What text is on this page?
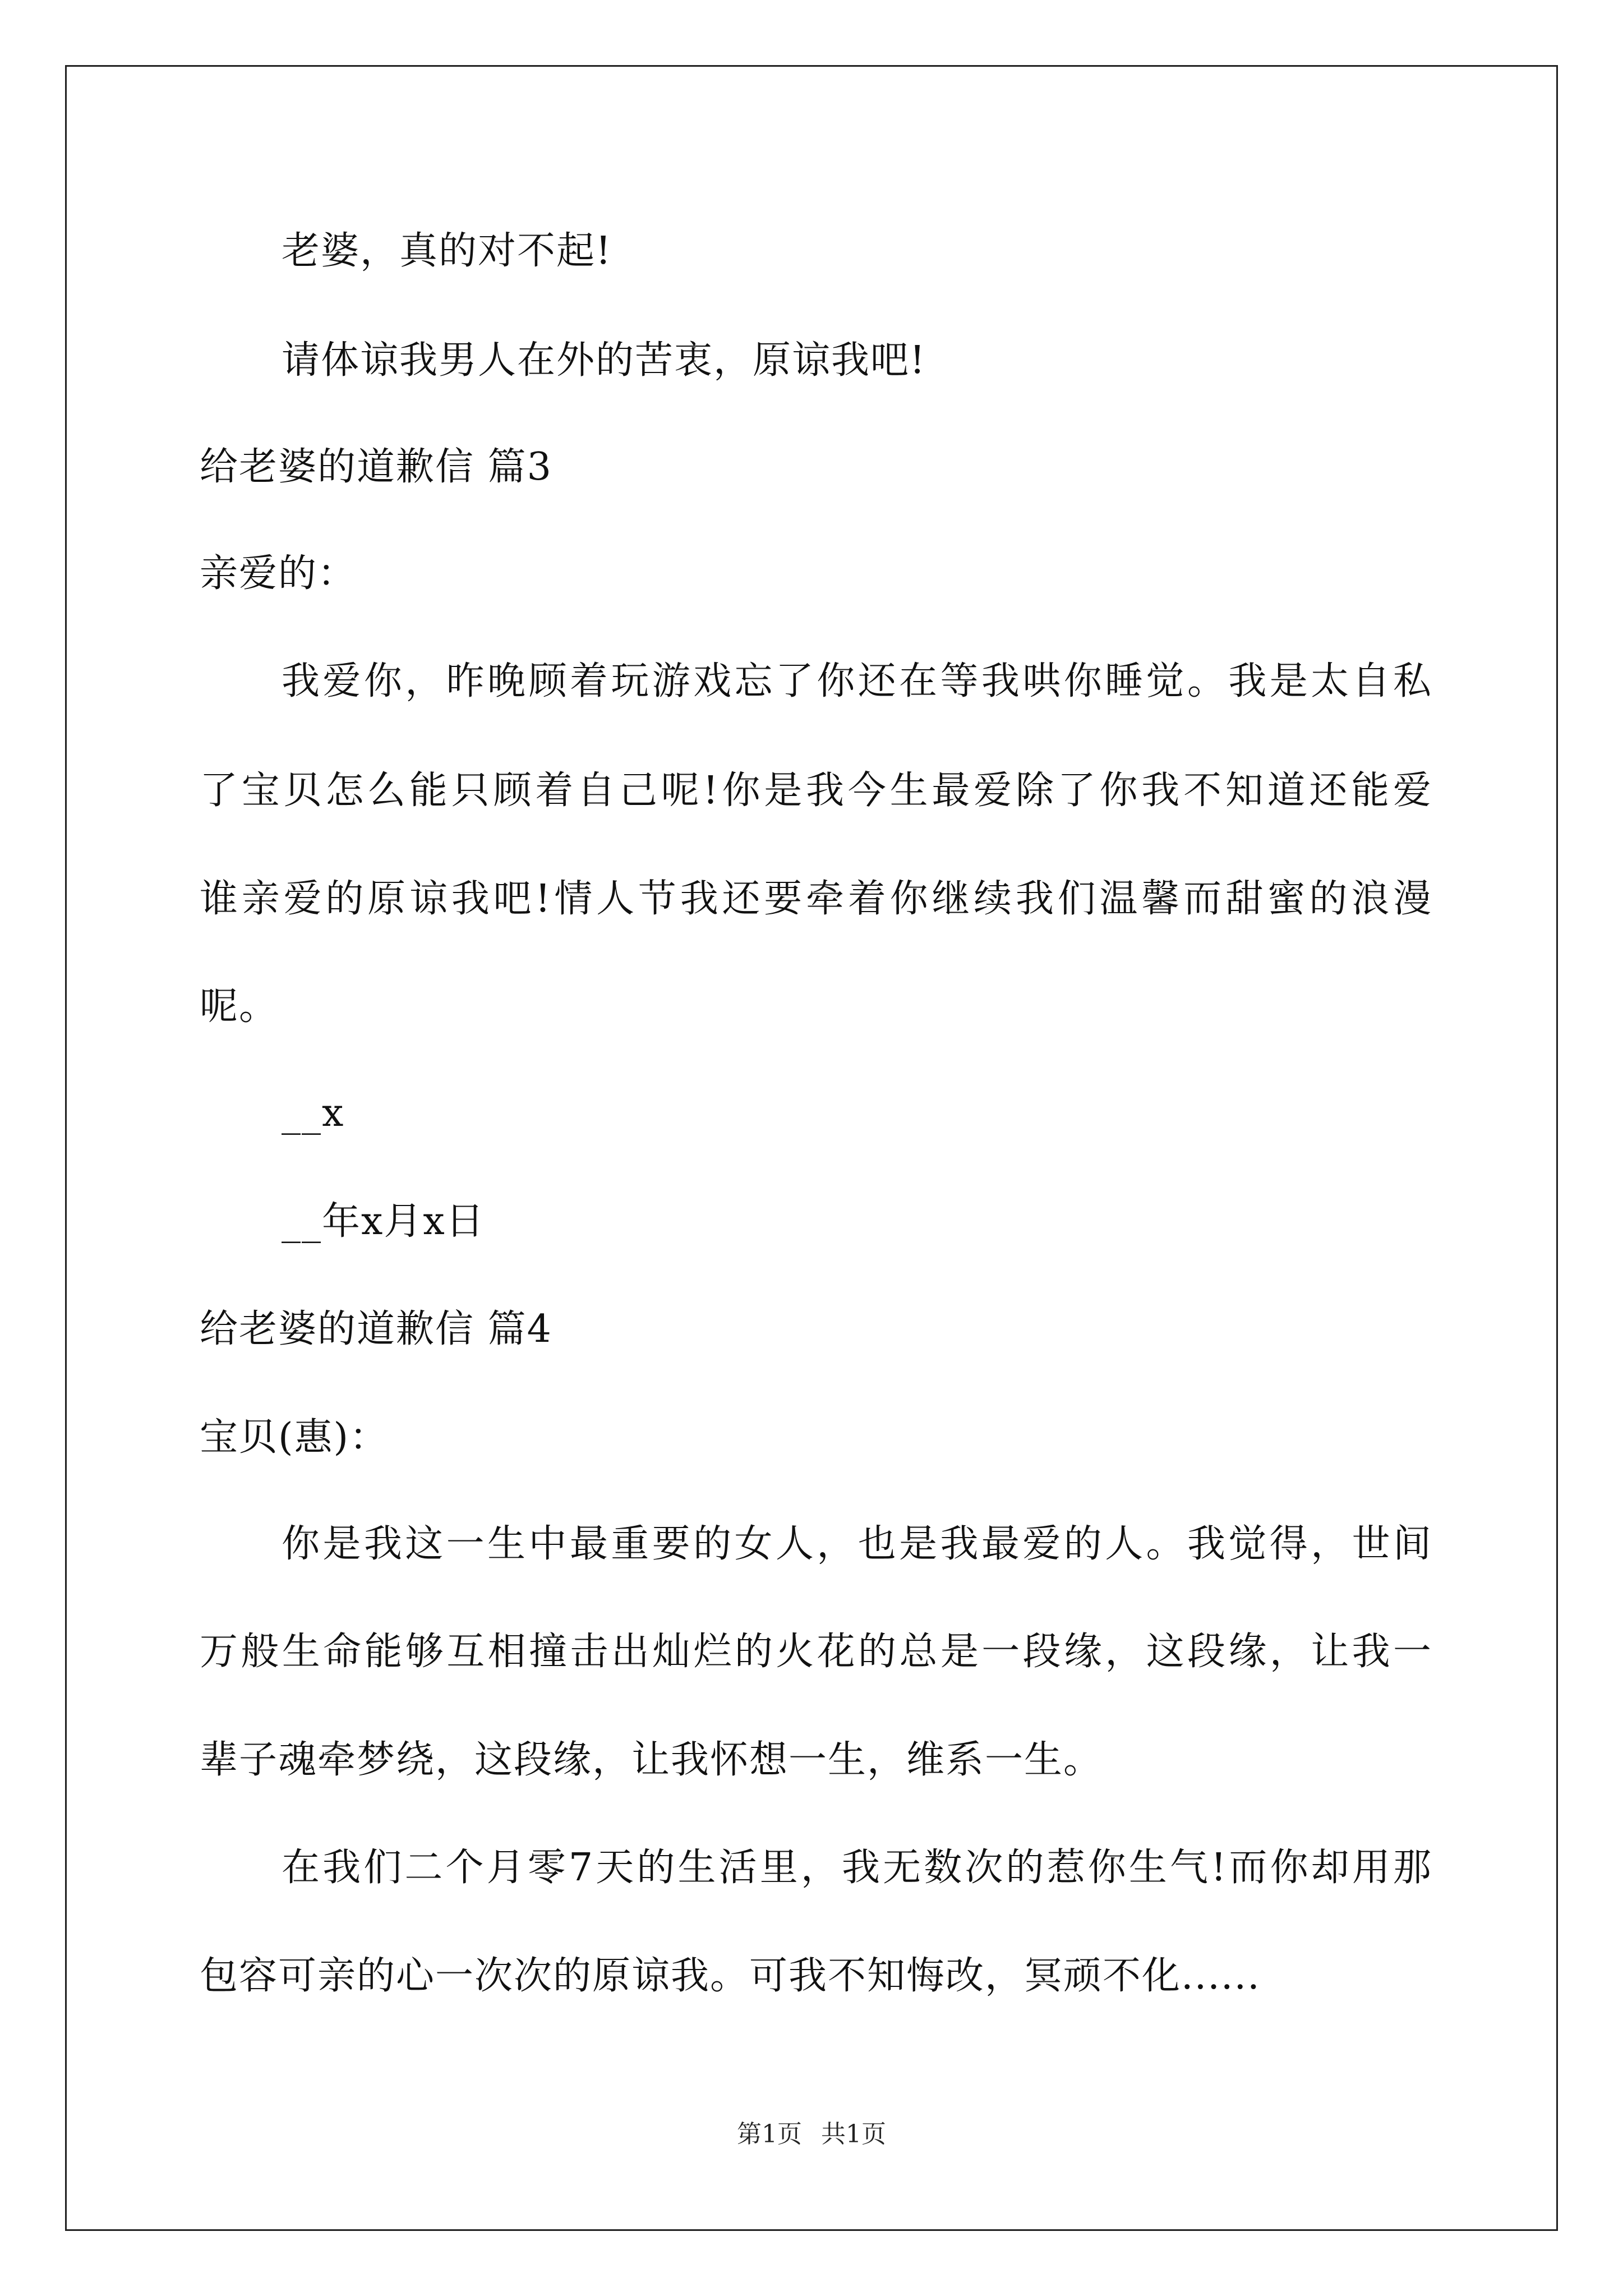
老婆，真的对不起!
请体谅我男人在外的苦衷，原谅我吧!
给老婆的道歉信 篇3
亲爱的：
我爱你，昨晚顾着玩游戏忘了你还在等我哄你睡觉。我是太自私
了宝贝怎么能只顾着自己呢!你是我今生最爱除了你我不知道还能爱
谁亲爱的原谅我吧!情人节我还要牵着你继续我们温馨而甜蜜的浪漫
呢。
__x
__年x月x日
给老婆的道歉信 篇4
宝贝(惠)：
你是我这一生中最重要的女人，也是我最爱的人。我觉得，世间
万般生命能够互相撞击出灿烂的火花的总是一段缘，这段缘，让我一
辈子魂牵梦绕，这段缘，让我怀想一生，维系一生。
在我们二个月零7天的生活里，我无数次的惹你生气!而你却用那
包容可亲的心一次次的原谅我。可我不知悔改，冥顽不化......
第1页 共1页
